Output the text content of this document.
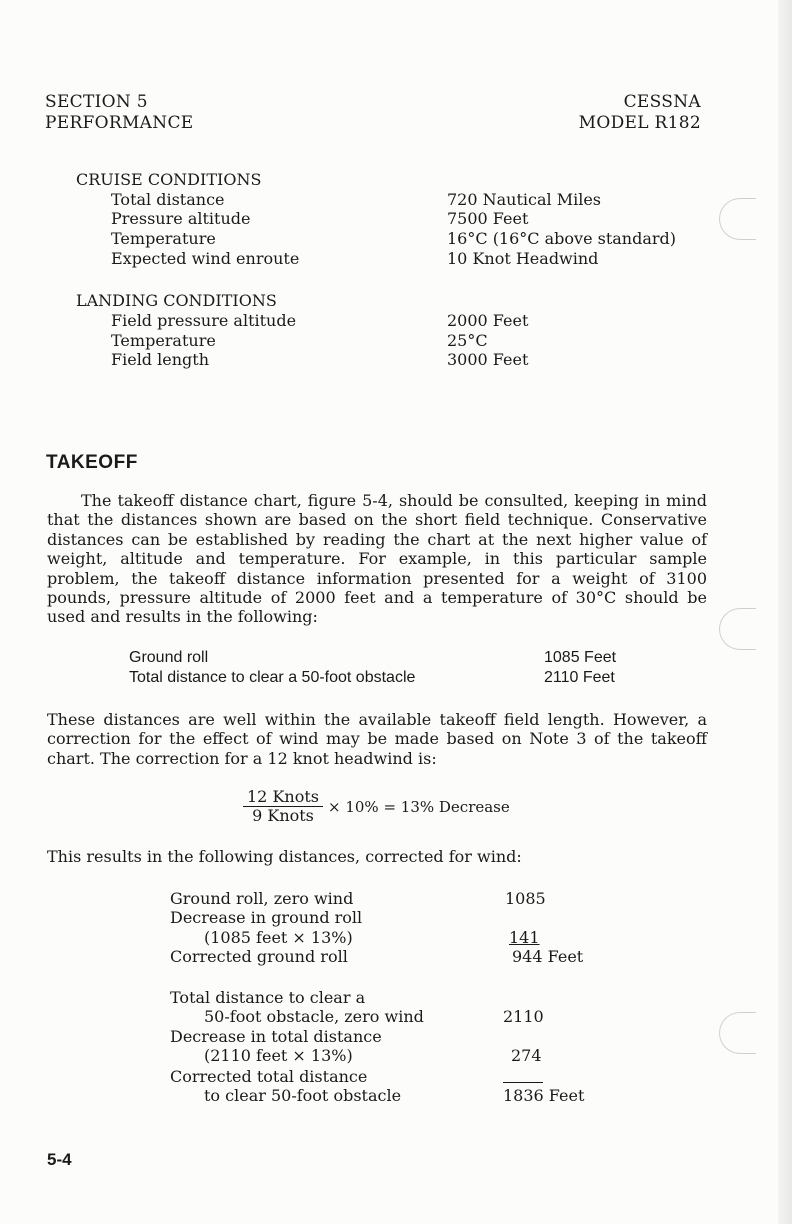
SECTION 5
PERFORMANCE
CESSNA
MODEL R182
CRUISE CONDITIONS
Total distance	720 Nautical Miles
Pressure altitude	7500 Feet
Temperature	16°C (16°C above standard)
Expected wind enroute	10 Knot Headwind
LANDING CONDITIONS
Field pressure altitude	2000 Feet
Temperature	25°C
Field length	3000 Feet
TAKEOFF
The takeoff distance chart, figure 5-4, should be consulted, keeping in mind that the distances shown are based on the short field technique. Conservative distances can be established by reading the chart at the next higher value of weight, altitude and temperature. For example, in this particular sample problem, the takeoff distance information presented for a weight of 3100 pounds, pressure altitude of 2000 feet and a temperature of 30°C should be used and results in the following:
Ground roll	1085 Feet
Total distance to clear a 50-foot obstacle	2110 Feet
These distances are well within the available takeoff field length. However, a correction for the effect of wind may be made based on Note 3 of the takeoff chart. The correction for a 12 knot headwind is:
12 Knots
9 Knots × 10% = 13% Decrease
This results in the following distances, corrected for wind:
Ground roll, zero wind	1085
Decrease in ground roll
(1085 feet × 13%)	141
Corrected ground roll	944 Feet
Total distance to clear a
50-foot obstacle, zero wind	2110
Decrease in total distance
(2110 feet × 13%)	274
Corrected total distance
to clear 50-foot obstacle	1836 Feet
5-4
